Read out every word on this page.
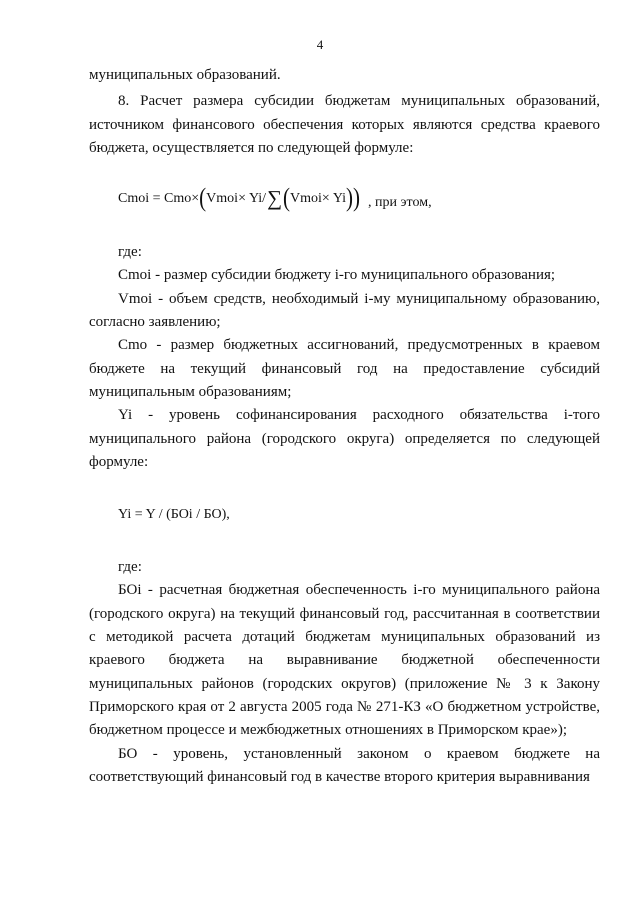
4

муниципальных образований.

8. Расчет размера субсидии бюджетам муниципальных образований, источником финансового обеспечения которых являются средства краевого бюджета, осуществляется по следующей формуле:

Cmoi = Cmo×(Vmoi× Yi/∑(Vmoi× Yi)) , при этом,

где:

Cmoi - размер субсидии бюджету i-го муниципального образования;

Vmoi - объем средств, необходимый i-му муниципальному образованию, согласно заявлению;

Cmo - размер бюджетных ассигнований, предусмотренных в краевом бюджете на текущий финансовый год на предоставление субсидий муниципальным образованиям;

Yi - уровень софинансирования расходного обязательства i-того муниципального района (городского округа) определяется по следующей формуле:

Yi = Y / (БОi / БО),

где:

БОi - расчетная бюджетная обеспеченность i-го муниципального района (городского округа) на текущий финансовый год, рассчитанная в соответствии с методикой расчета дотаций бюджетам муниципальных образований из краевого бюджета на выравнивание бюджетной обеспеченности муниципальных районов (городских округов) (приложение № 3 к Закону Приморского края от 2 августа 2005 года № 271-КЗ «О бюджетном устройстве, бюджетном процессе и межбюджетных отношениях в Приморском крае»);

БО - уровень, установленный законом о краевом бюджете на соответствующий финансовый год в качестве второго критерия выравнивания
